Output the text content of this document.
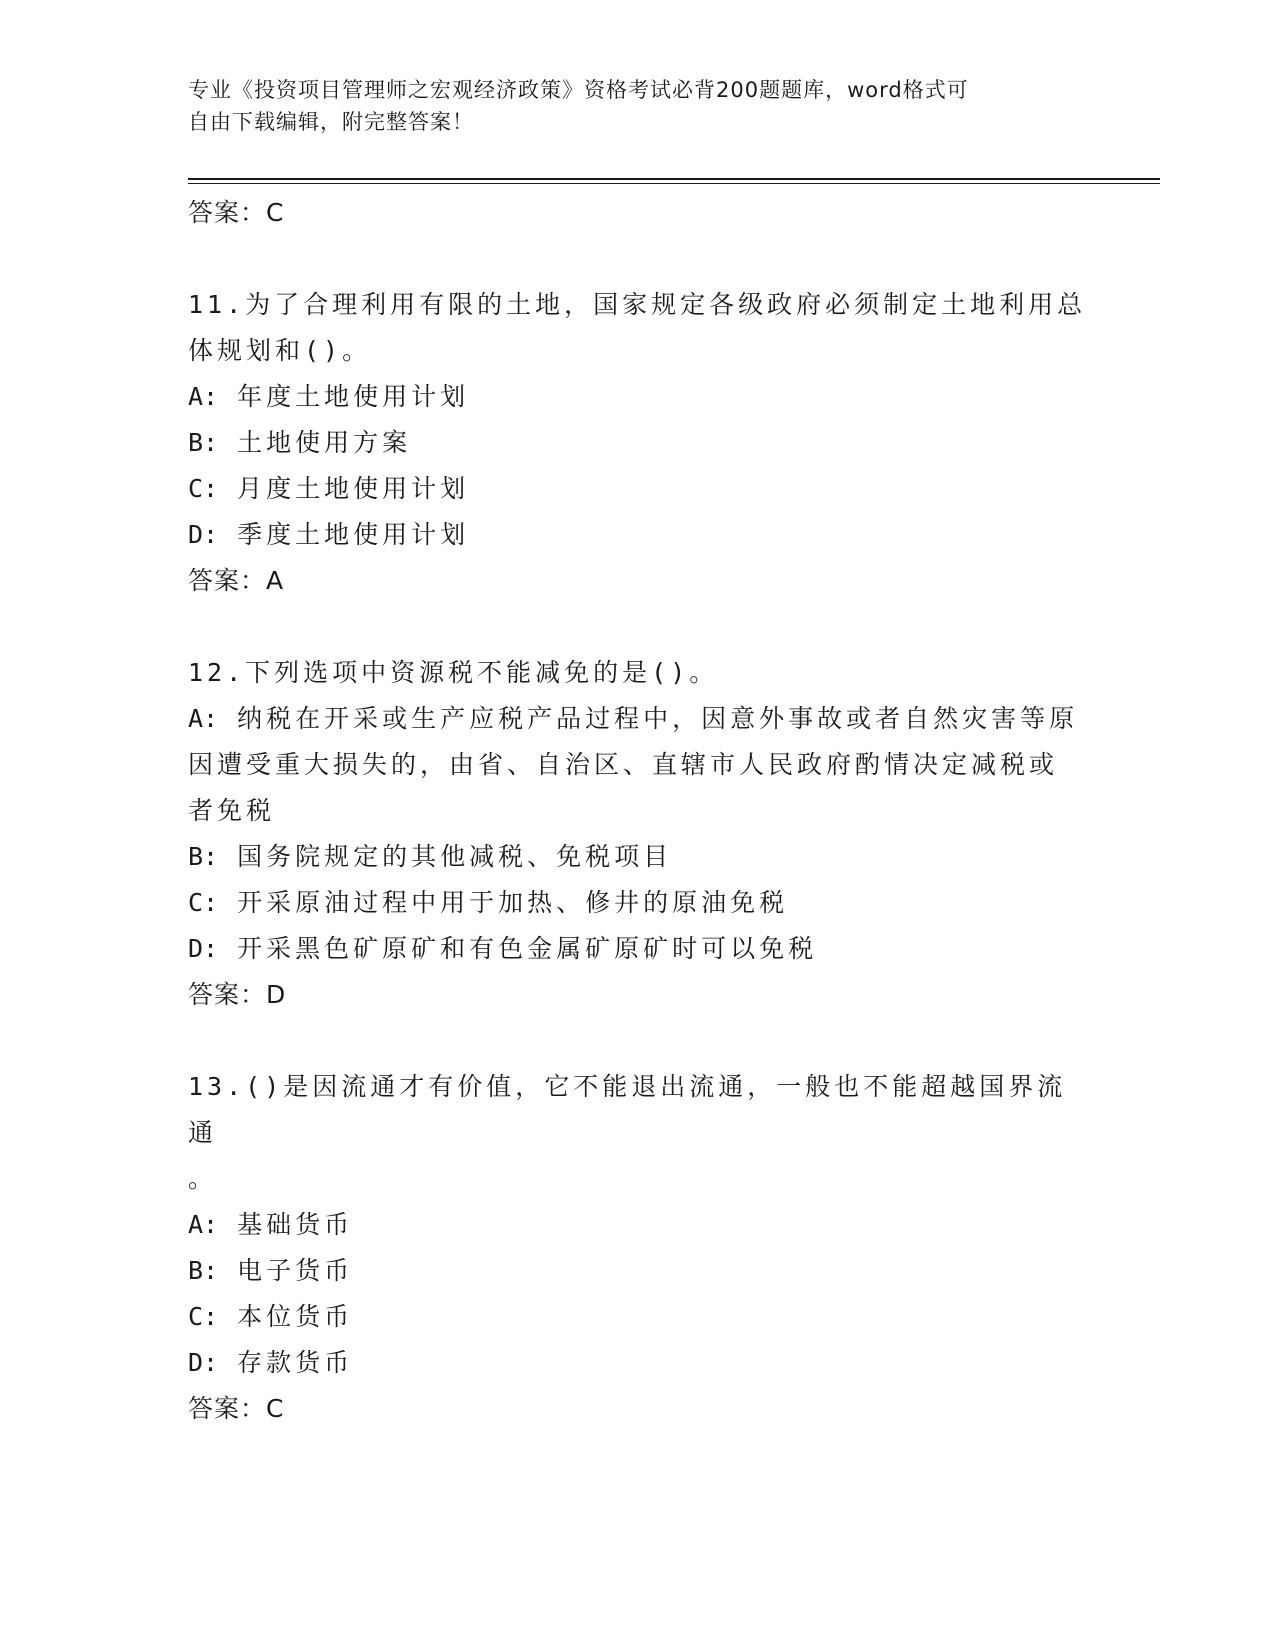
专业《投资项目管理师之宏观经济政策》资格考试必背200题题库，word格式可
自由下载编辑，附完整答案！
答案：C
11.为了合理利用有限的土地，国家规定各级政府必须制定土地利用总
体规划和()。
A: 年度土地使用计划
B: 土地使用方案
C: 月度土地使用计划
D: 季度土地使用计划
答案：A
12.下列选项中资源税不能减免的是()。
A: 纳税在开采或生产应税产品过程中，因意外事故或者自然灾害等原
因遭受重大损失的，由省、自治区、直辖市人民政府酌情决定减税或
者免税
B: 国务院规定的其他减税、免税项目
C: 开采原油过程中用于加热、修井的原油免税
D: 开采黑色矿原矿和有色金属矿原矿时可以免税
答案：D
13.()是因流通才有价值，它不能退出流通，一般也不能超越国界流通
。
A: 基础货币
B: 电子货币
C: 本位货币
D: 存款货币
答案：C
